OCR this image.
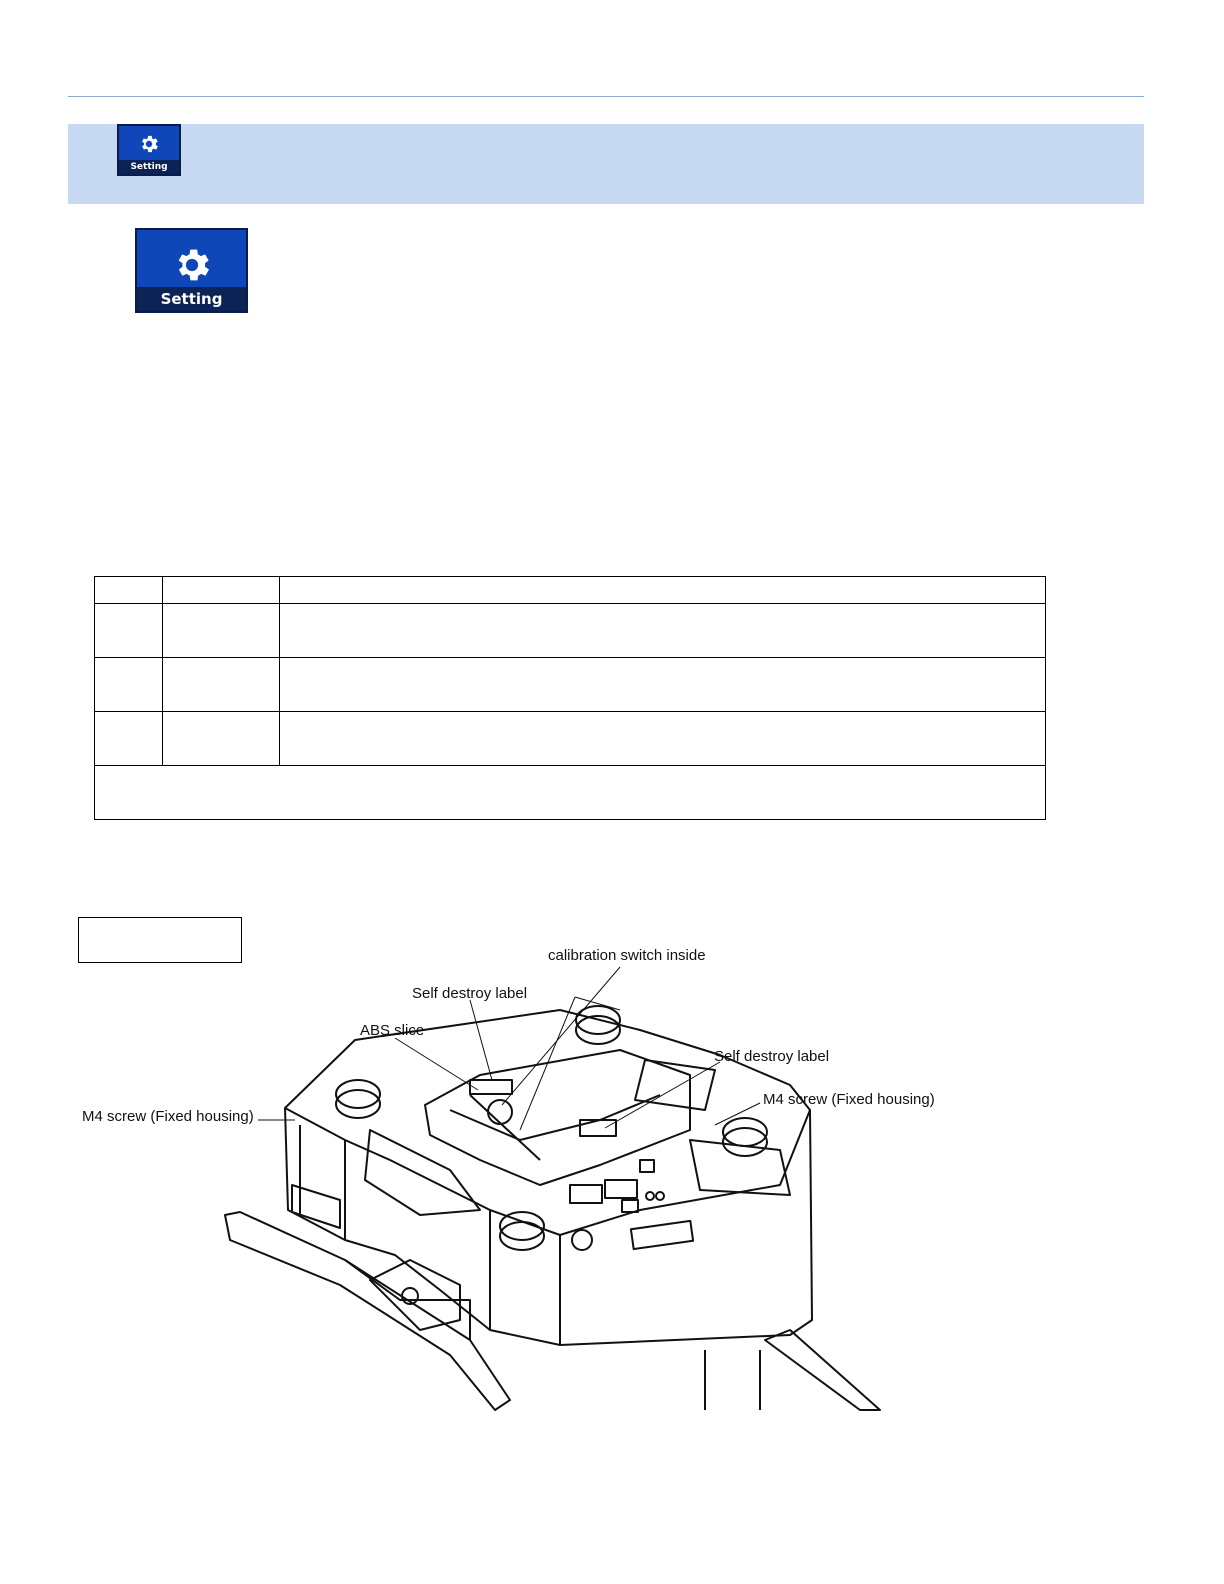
Setting
Setting

calibration switch inside
Self destroy label
ABS slice
Self destroy label
M4 screw (Fixed housing)
M4 screw (Fixed housing)
